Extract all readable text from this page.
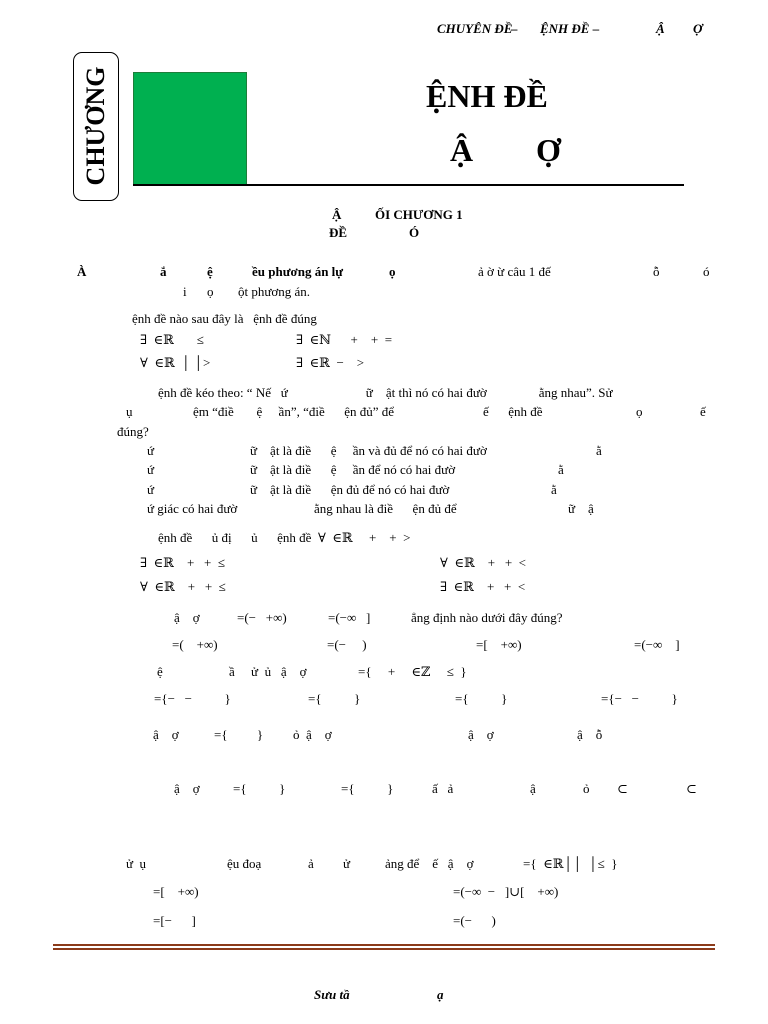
CHUYÊN ĐỀ
– ỆNH ĐỀ –	Ậ Ợ
CHƯƠNG	ỆNH ĐỀ
Ậ Ợ
Ậ	ỐI CHƯƠNG 1
ĐỀ	Ó
À	ắ	ệ	ều phương án lự	ọ	ả ờ ừ câu 1 đế	ỗ	ó
i ọ ột phương án.
ệnh đề nào sau đây là   ệnh đề đúng
∃  ∈ℝ       ≤	∃  ∈ℕ      +    +  =
∀  ∈ℝ  │ │>	∃  ∈ℝ  −    >
ệnh đề kéo theo: “ Nế   ứ                        ữ    ật thì nó có hai đườ                ằng nhau”. Sử
ụ	ệm “điề       ệ     ần”, “điề      ện đủ” để	ế      ệnh đề	ọ	ế
đúng?
ứ	ữ    ật là điề      ệ     ần và đủ để nó có hai đườ	ằ
ứ	ữ    ật là điề      ệ     ần để nó có hai đườ	ằ
ứ	ữ    ật là điề      ện đủ để nó có hai đườ	ằ
ứ giác có hai đườ	ằng nhau là điề      ện đủ để	ữ    ậ
ệnh đề      ủ đị      ủ      ệnh đề  ∀  ∈ℝ     +    +  >
∃  ∈ℝ    +   +  ≤	∀  ∈ℝ    +   +  <
∀  ∈ℝ    +   +  ≤	∃  ∈ℝ    +   +  <
ậ    ợ	=(−   +∞)	=(−∞   ]	ẳng định nào dưới đây đúng?
=(    +∞)	=(−     )	=[    +∞)	=(−∞    ]
ệ	ầ     ử  ủ   ậ    ợ	={     +     ∈ℤ     ≤  }
={−   −          }	={          }	={          }	={−   −          }
ậ    ợ	={         } ỏ  ậ    ợ	ậ    ợ	ậ    ỗ
ậ    ợ	={          }	={          }	ấ   ả	ậ	ỏ ⊂	⊂
ử  ụ	ệu đoạ	ả ử	ảng để    ế   ậ    ợ	={  ∈ℝ││  │≤  }
=[    +∞)	=(−∞  −   ]∪[    +∞)
=[−      ]	=(−      )
Sưu tầ	ạ
